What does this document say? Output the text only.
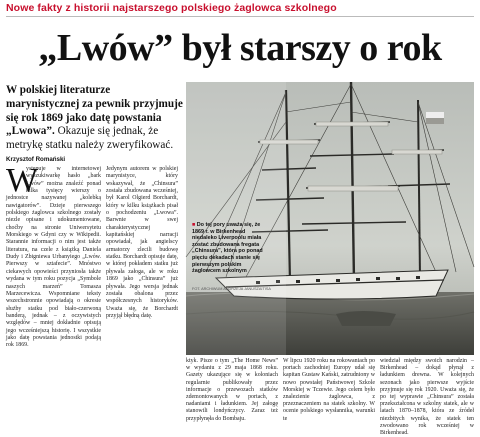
Nowe fakty z historii najstarszego polskiego żaglowca szkolnego
„Lwów” był starszy o rok
W polskiej literaturze marynistycznej za pewnik przyjmuje się rok 1869 jako datę powstania „Lwowa”. Okazuje się jednak, że metrykę statku należy zweryfikować.
Krzysztof Romański
W
ystępuje w internetowej wyszukiwarkę hasło „bark Lwów” można znaleźć ponad kilka tysięcy wierszy o jednostce nazywanej „kolebką nawigatorów”. Dzieje pierwszego polskiego żaglowca szkolnego zostały niezle opisane i udokumentowane, choćby na stronie Uniwersytetu Morskiego w Gdyni czy w Wikipedii. Starannie informacji o nim jest także literatura, na czele z książką Daniela Dudy i Zbigniewa Urbanyiego „Lwów. Pierwszy w sztafecie”. Mnóstwo ciekawych opowieści przyniosła także wydana w tym roku pozycja „Symbole naszych marzeń” Tomasza Marzecewicza. Wspomniane teksty wszechstronnie opowiadają o okresie służby statku pod biało-czerwoną banderą, jednak – z oczywistych względów – mniej dokładnie opisują jego wcześniejszą historię. I wszystkie jako datę powstania jednostki podają rok 1869.
Jedynym autorem w polskiej marynistyce, który wskazywał, że „Chinsura” została zbudowana wcześniej, był Karol Olgierd Borchardt, który w kilku książkach pisał o pochodzeniu „Lwowa”. Barwnie w swej charakterystycznej kapitańskiej narracji opowiadał, jak angielscy armatorzy zlecili budowę statku. Borchardt opisuje datę, w której pokładem statku już pływała załoga, ale w roku 1869 jako „Chinsura” już pływała. Jego wersja jednak została obalona przez współczesnych historyków. Uważa się, że Borchardt przyjął błędną datę.
■ Do tej pory uważa się, że 1869 r. w Birkenhead niedaleko Liverpoolu miała zostać zbudowana fregata „Chinsura”, która po ponad pięciu dekadach stanie się pierwszym polskim żaglowcem szkolnym
FOT. ARCHIWUM ANDRZEJA JANUSZAITISA
ktyk. Pisze o tym „The Home News” w wydaniu z 29 maja 1868 roku. Gazety ukazujące się w koloniach regularnie publikowały przez informacje o przewozach statków zdemontowanych w portach, z nadaniami i ładunkiem. Jej załogę stanowili londyńczycy. Zaraz też przypłynęła do Bombaju.
W lipcu 1920 roku na rokowaniach po portach zachodniej Europy udał się kapitan Gustaw Kański, zatrudniony w nowo powstałej Państwowej Szkole Morskiej w Tczewie. Jego celem było znalezienie żaglowca, z przeznaczeniem na statek szkolny. W ocenie polskiego wysłannika, warunki te
wiedział między swoich narodzin – Birkenhead – dokąd płynął z ładunkiem drewna. W kolejnych sezonach jako pierwsze wyjście przyjmuje się rok 1920. Uważa się, że po tej wyprawie „Chinsura” została przekształcona w szkolny statek, ale w latach 1870–1878, która ze źródeł niezbitych wynika, że statek ten zwodowano rok wcześniej w Birkenhead.
